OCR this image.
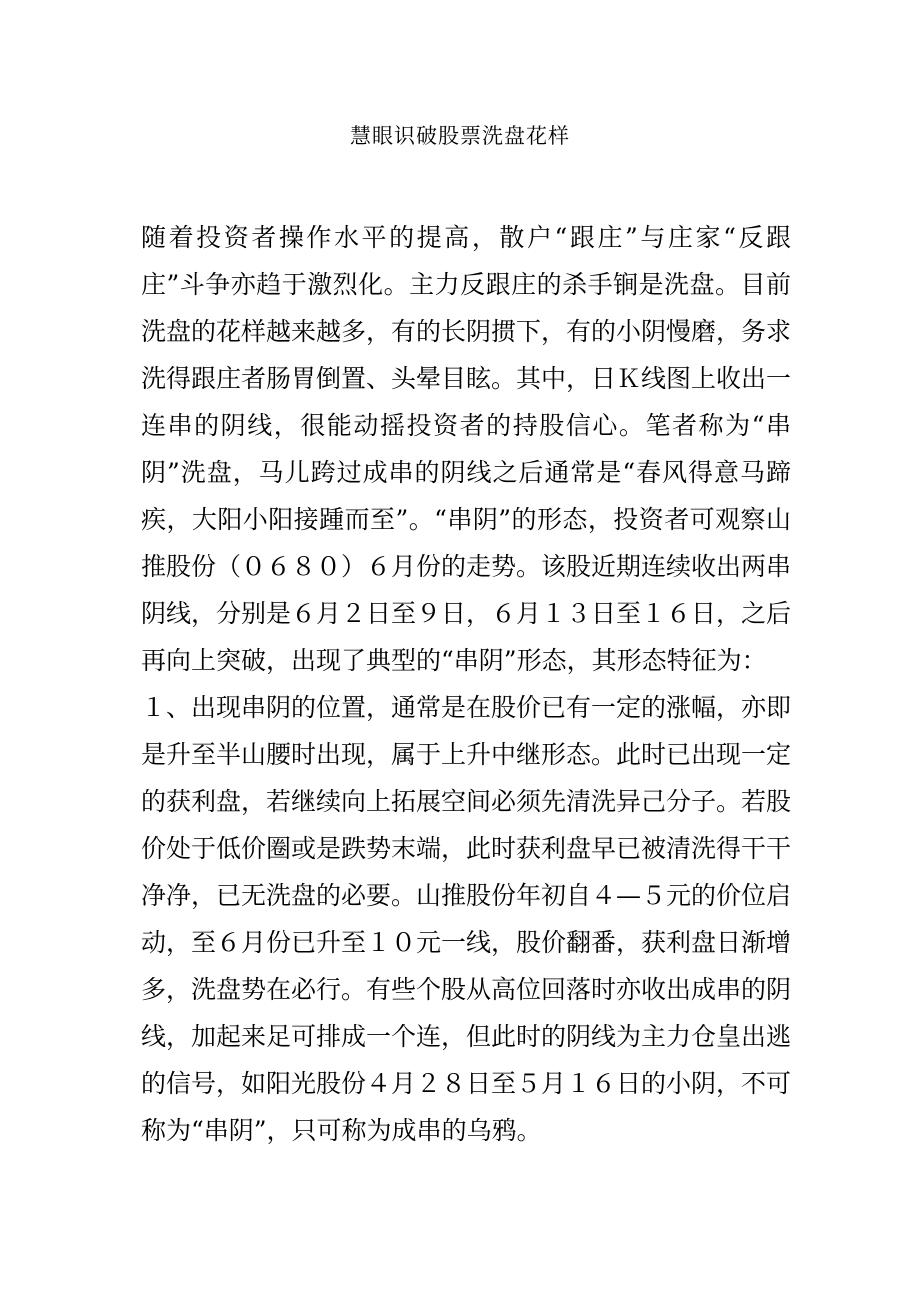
慧眼识破股票洗盘花样

随着投资者操作水平的提高，散户“跟庄”与庄家“反跟庄”斗争亦趋于激烈化。主力反跟庄的杀手锏是洗盘。目前洗盘的花样越来越多，有的长阴掼下，有的小阴慢磨，务求洗得跟庄者肠胃倒置、头晕目眩。其中，日Ｋ线图上收出一连串的阴线，很能动摇投资者的持股信心。笔者称为“串阴”洗盘，马儿跨过成串的阴线之后通常是“春风得意马蹄疾，大阳小阳接踵而至”。“串阴”的形态，投资者可观察山推股份（０６８０）６月份的走势。该股近期连续收出两串阴线，分别是６月２日至９日，６月１３日至１６日，之后再向上突破，出现了典型的“串阴”形态，其形态特征为：

１、出现串阴的位置，通常是在股价已有一定的涨幅，亦即是升至半山腰时出现，属于上升中继形态。此时已出现一定的获利盘，若继续向上拓展空间必须先清洗异己分子。若股价处于低价圈或是跌势末端，此时获利盘早已被清洗得干干净净，已无洗盘的必要。山推股份年初自４—５元的价位启动，至６月份已升至１０元一线，股价翻番，获利盘日渐增多，洗盘势在必行。有些个股从高位回落时亦收出成串的阴线，加起来足可排成一个连，但此时的阴线为主力仓皇出逃的信号，如阳光股份４月２８日至５月１６日的小阴，不可称为“串阴”，只可称为成串的乌鸦。
